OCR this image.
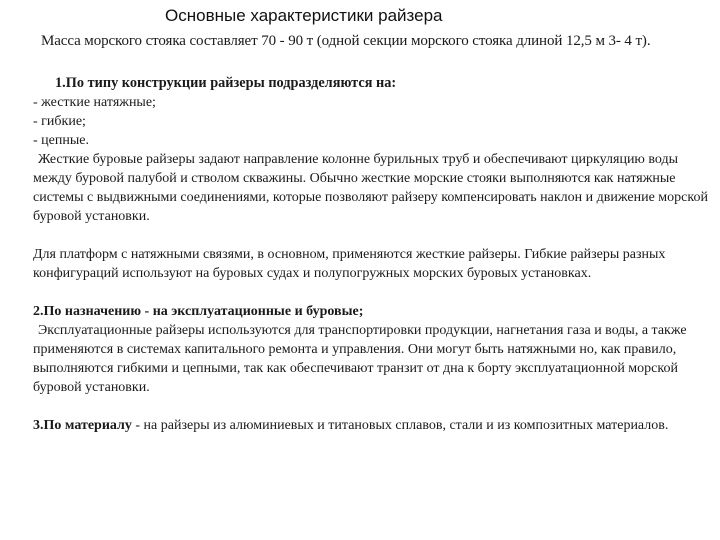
Основные характеристики райзера
Масса морского стояка составляет 70 - 90 т (одной секции морского стояка длиной 12,5 м 3- 4 т).

1.По типу конструкции райзеры подразделяются на:

- жесткие натяжные;
- гибкие;
- цепные.

Жесткие буровые райзеры задают направление колонне бурильных труб и обеспечивают циркуляцию воды между буровой палубой и стволом скважины. Обычно жесткие морские стояки выполняются как натяжные системы с выдвижными соединениями, которые позволяют райзеру компенсировать наклон и движение морской буровой установки.

Для платформ с натяжными связями, в основном, применяются жесткие райзеры. Гибкие райзеры разных конфигураций используют на буровых судах и полупогружных морских буровых установках.

2.По назначению - на эксплуатационные и буровые;

Эксплуатационные райзеры используются для транспортировки продукции, нагнетания газа и воды, а также применяются в системах капитального ремонта и управления. Они могут быть натяжными но, как правило, выполняются гибкими и цепными, так как обеспечивают транзит от дна к борту эксплуатационной морской буровой установки.

3.По материалу - на райзеры из алюминиевых и титановых сплавов, стали и из композитных материалов.
